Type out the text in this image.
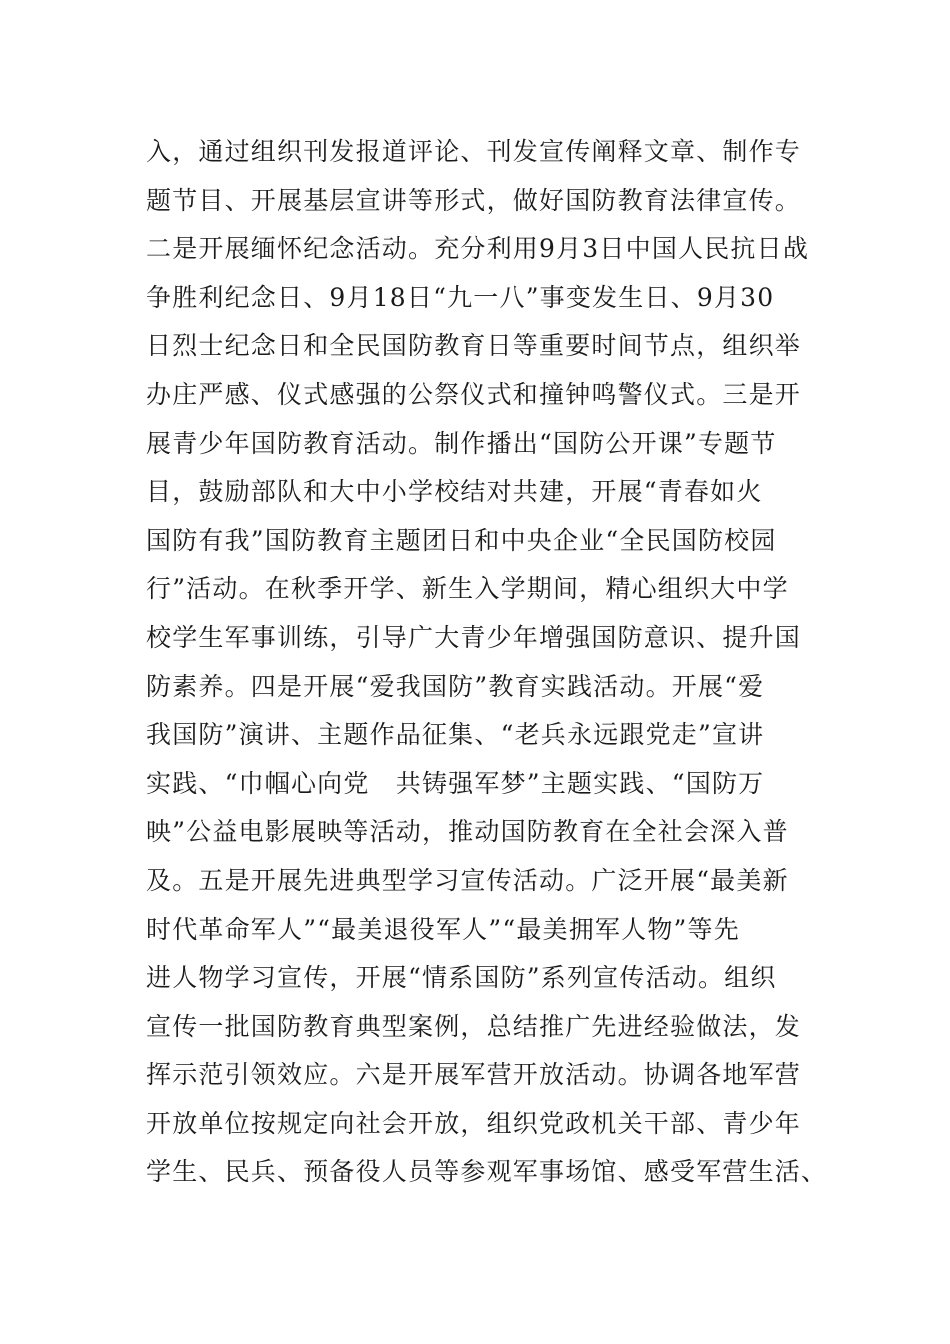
入，通过组织刊发报道评论、刊发宣传阐释文章、制作专
题节目、开展基层宣讲等形式，做好国防教育法律宣传。
二是开展缅怀纪念活动。充分利用9月3日中国人民抗日战
争胜利纪念日、9月18日“九一八”事变发生日、9月30
日烈士纪念日和全民国防教育日等重要时间节点，组织举
办庄严感、仪式感强的公祭仪式和撞钟鸣警仪式。三是开
展青少年国防教育活动。制作播出“国防公开课”专题节
目，鼓励部队和大中小学校结对共建，开展“青春如火
国防有我”国防教育主题团日和中央企业“全民国防校园
行”活动。在秋季开学、新生入学期间，精心组织大中学
校学生军事训练，引导广大青少年增强国防意识、提升国
防素养。四是开展“爱我国防”教育实践活动。开展“爱
我国防”演讲、主题作品征集、“老兵永远跟党走”宣讲
实践、“巾帼心向党　共铸强军梦”主题实践、“国防万
映”公益电影展映等活动，推动国防教育在全社会深入普
及。五是开展先进典型学习宣传活动。广泛开展“最美新
时代革命军人”“最美退役军人”“最美拥军人物”等先
进人物学习宣传，开展“情系国防”系列宣传活动。组织
宣传一批国防教育典型案例，总结推广先进经验做法，发
挥示范引领效应。六是开展军营开放活动。协调各地军营
开放单位按规定向社会开放，组织党政机关干部、青少年
学生、民兵、预备役人员等参观军事场馆、感受军营生活、
